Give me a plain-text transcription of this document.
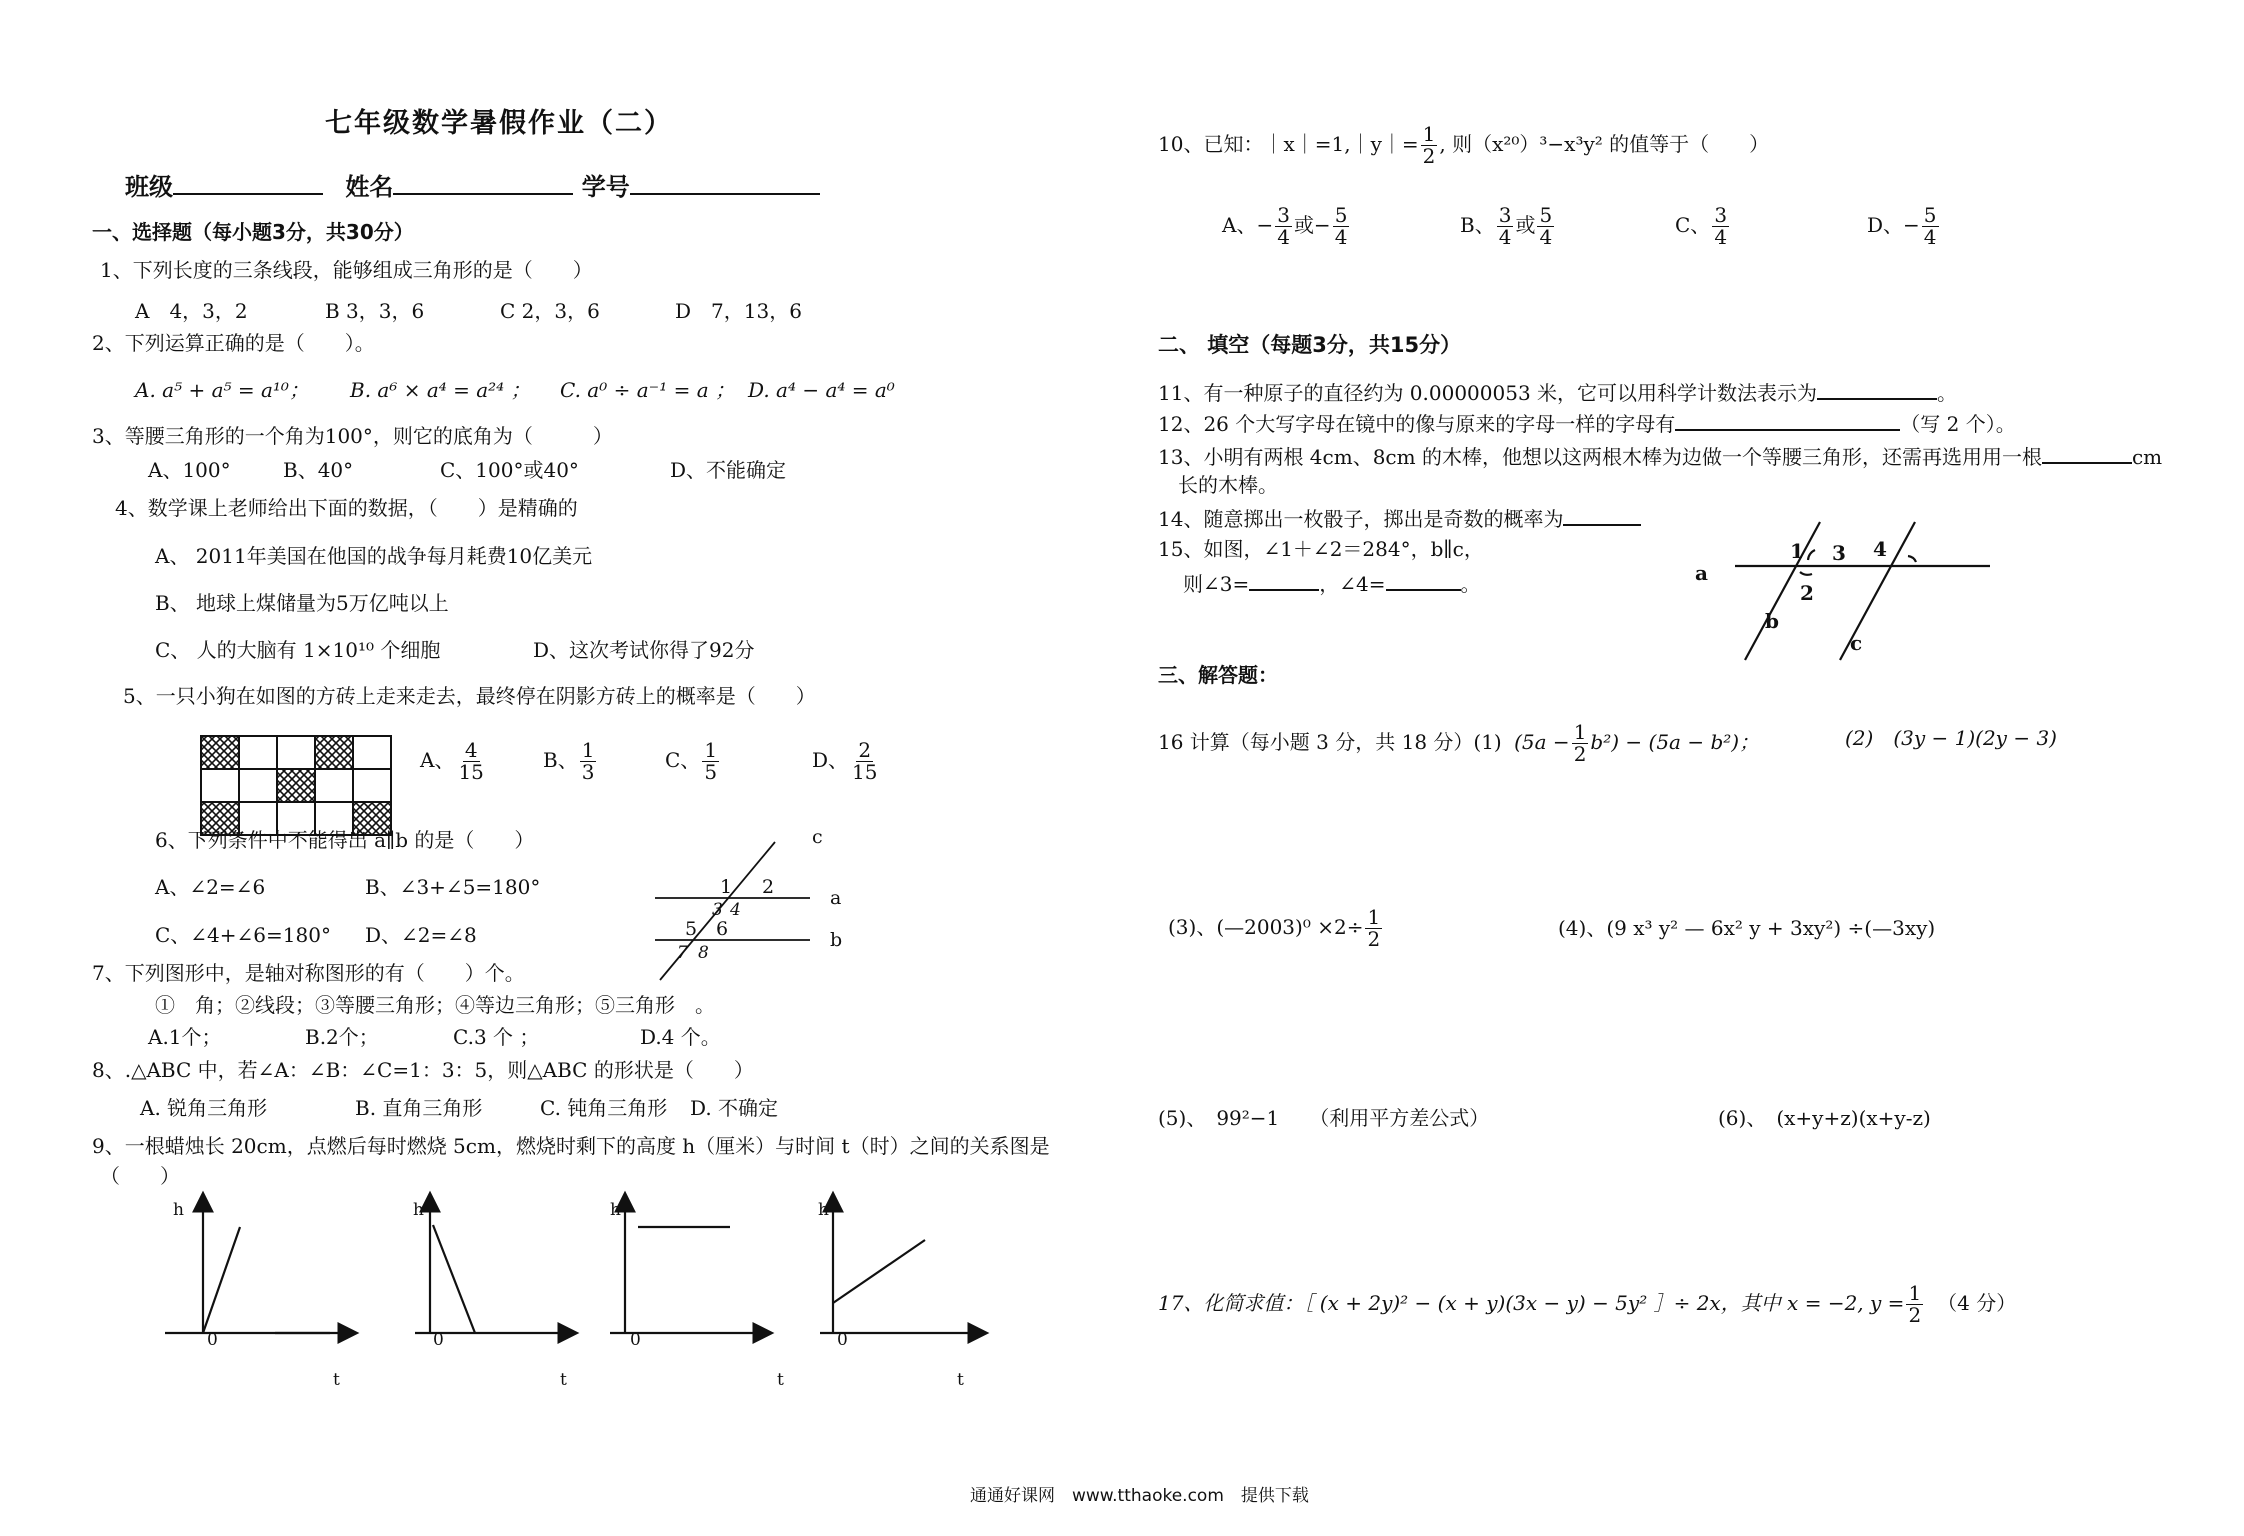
七年级数学暑假作业（二）
班级	姓名	学号
一、选择题（每小题3分，共30分）
1、下列长度的三条线段，能够组成三角形的是（　　）
A　4，3，2	B 3，3，6	C 2，3，6	D　7，13，6
2、下列运算正确的是（　　）。
A. a⁵ + a⁵ = a¹⁰； B. a⁶ × a⁴ = a²⁴ ； C. a⁰ ÷ a⁻¹ = a ； D. a⁴ − a⁴ = a⁰
3、等腰三角形的一个角为100°，则它的底角为（　　　）
A、100°	B、40°	C、100°或40°	D、不能确定
4、数学课上老师给出下面的数据，（　　）是精确的
A、 2011年美国在他国的战争每月耗费10亿美元
B、 地球上煤储量为5万亿吨以上
C、 人的大脑有 1×10¹⁰ 个细胞	D、这次考试你得了92分
5、一只小狗在如图的方砖上走来走去，最终停在阴影方砖上的概率是（　　）
A、 $\frac{4}{15}$	B、 $\frac{1}{3}$	C、 $\frac{1}{5}$	D、 $\frac{2}{15}$
6、下列条件中不能得出 a∥b 的是（　　）
A、∠2=∠6	B、∠3+∠5=180°
C、∠4+∠6=180° D、∠2=∠8
c
a
b
1 2
3 4
5 6
7 8
7、下列图形中，是轴对称图形的有（　　）个。
①　角；②线段；③等腰三角形；④等边三角形；⑤三角形　。
A.1个；	B.2个；	C.3 个 ；	D.4 个。
8、.△ABC 中，若∠A：∠B：∠C=1：3：5，则△ABC 的形状是（　　）
A. 锐角三角形	B. 直角三角形	C. 钝角三角形 D. 不确定
9、一根蜡烛长 20cm，点燃后每时燃烧 5cm，燃烧时剩下的高度 h（厘米）与时间 t（时）之间的关系图是
（　　）
h
0
t
h
0
t
h
0
t
h
0
t
10、已知：｜x｜=1,｜y｜= $\frac{1}{2}$ , 则（x²⁰）³−x³y² 的值等于（　　）
A、− $\frac{3}{4}$ 或− $\frac{5}{4}$	B、 $\frac{3}{4}$ 或 $\frac{5}{4}$	C、 $\frac{3}{4}$	D、− $\frac{5}{4}$
二、 填空（每题3分，共15分）
11、有一种原子的直径约为 0.00000053 米，它可以用科学计数法表示为	。
12、26 个大写字母在镜中的像与原来的字母一样的字母有	（写 2 个）。
13、小明有两根 4cm、8cm 的木棒，他想以这两根木棒为边做一个等腰三角形，还需再选用用一根	cm
长的木棒。
14、随意掷出一枚骰子，掷出是奇数的概率为
15、如图，∠1＋∠2＝284°，b∥c，
则∠3=	，∠4=	。	a
b
c
1 3 4
2
三、解答题：
16 计算（每小题 3 分，共 18 分）(1) $(5a - \frac{1}{2} b^2) - (5a - b^2)$；	(2)　(3y − 1)(2y − 3)
(3)、(—2003)⁰ $\times 2\div \frac{1}{2}$	(4)、(9 x³ y² — 6x² y + 3xy²) ÷(—3xy)
(5)、　99²−1　　（利用平方差公式）	(6)、　(x+y+z)(x+y-z)
17、化简求值：［ (x + 2y)² − (x + y)(3x − y) − 5y² ］÷ 2x，其中 x = −2, $y = \frac{1}{2} (4$ 分）
通通好课网　www.tthaoke.com　提供下载
